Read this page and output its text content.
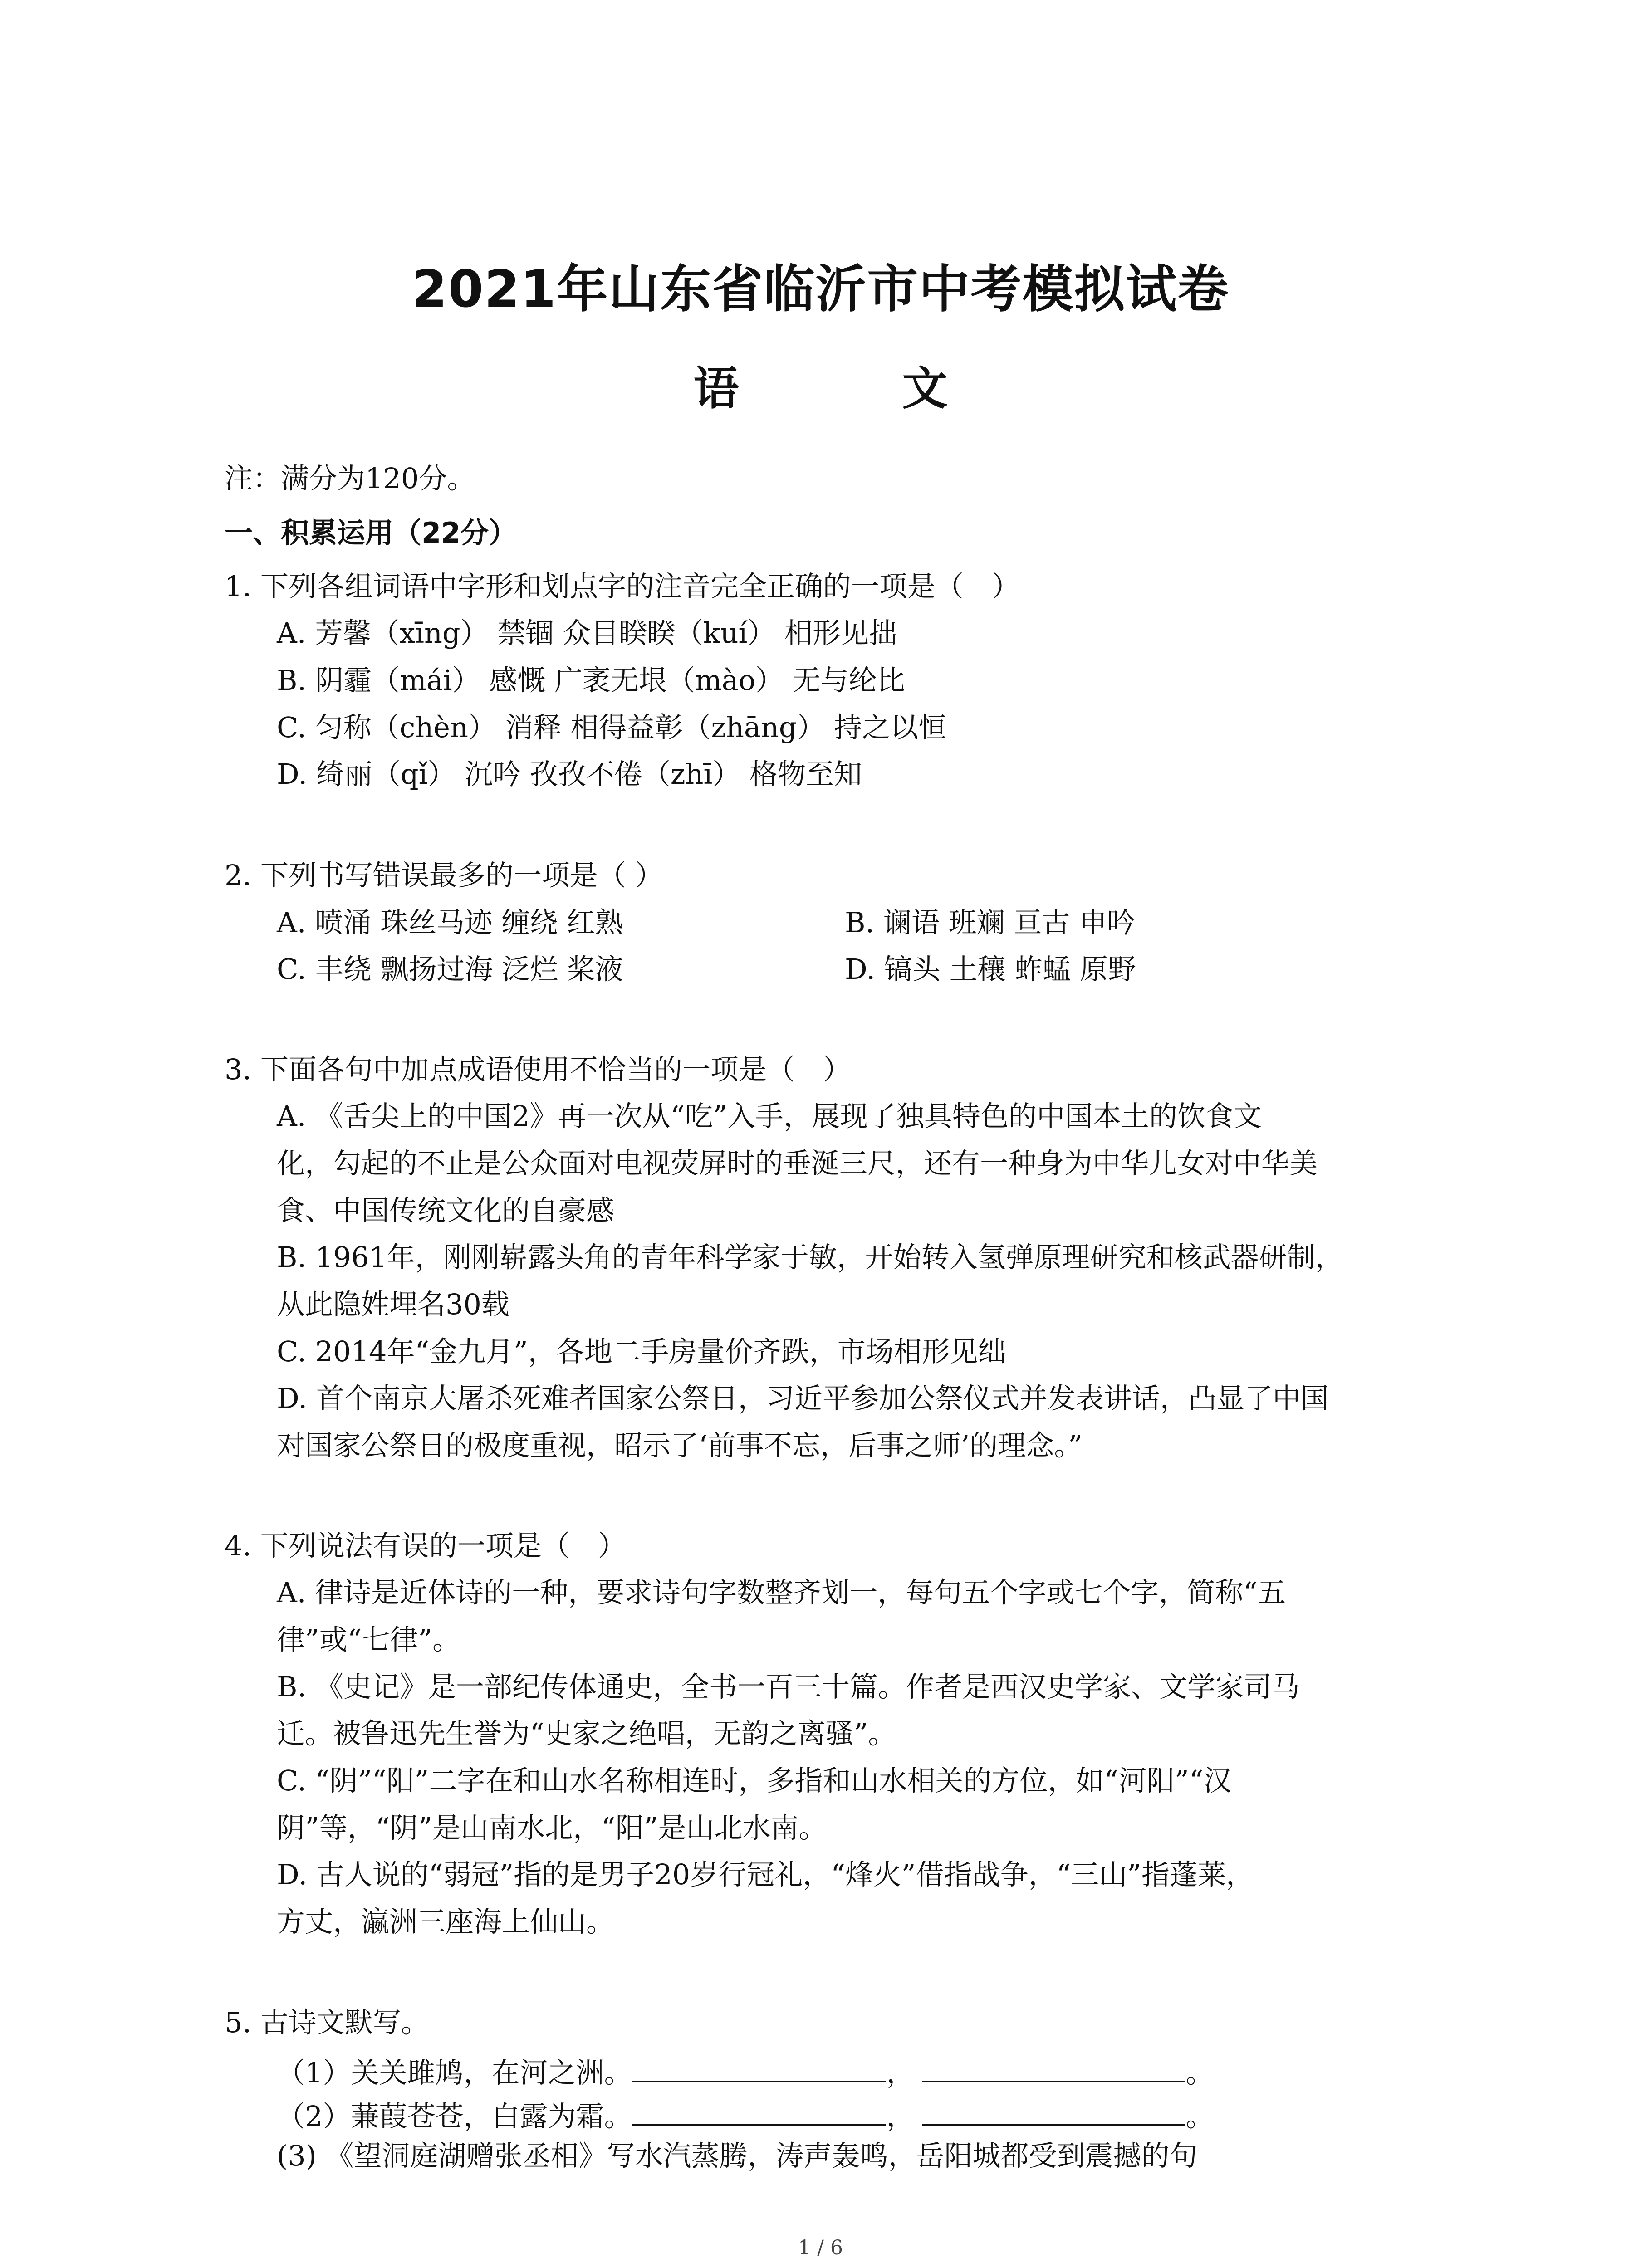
2021年山东省临沂市中考模拟试卷
语　文
注：满分为120分。
一、积累运用（22分）
1. 下列各组词语中字形和划点字的注音完全正确的一项是（　）
A. 芳馨（xīng） 禁锢 众目睽睽（kuí） 相形见拙
B. 阴霾（mái） 感慨 广袤无垠（mào） 无与纶比
C. 匀称（chèn） 消释 相得益彰（zhāng） 持之以恒
D. 绮丽（qǐ） 沉吟 孜孜不倦（zhī） 格物至知
2. 下列书写错误最多的一项是（ ）
A. 喷涌 珠丝马迹 缠绕 红熟	B. 谰语 班斓 亘古 申吟
C. 丰绕 飘扬过海 泛烂 桨液	D. 镐头 土穰 蚱蜢 原野
3. 下面各句中加点成语使用不恰当的一项是（　）
A. 《舌尖上的中国2》再一次从“吃”入手，展现了独具特色的中国本土的饮食文
化，勾起的不止是公众面对电视荧屏时的垂涎三尺，还有一种身为中华儿女对中华美
食、中国传统文化的自豪感
B. 1961年，刚刚崭露头角的青年科学家于敏，开始转入氢弹原理研究和核武器研制，
从此隐姓埋名30载
C. 2014年“金九月”，各地二手房量价齐跌，市场相形见绌
D. 首个南京大屠杀死难者国家公祭日，习近平参加公祭仪式并发表讲话，凸显了中国
对国家公祭日的极度重视，昭示了‘前事不忘，后事之师’的理念。”
4. 下列说法有误的一项是（　）
A. 律诗是近体诗的一种，要求诗句字数整齐划一，每句五个字或七个字，简称“五
律”或“七律”。
B. 《史记》是一部纪传体通史，全书一百三十篇。作者是西汉史学家、文学家司马
迁。被鲁迅先生誉为“史家之绝唱，无韵之离骚”。
C. “阴”“阳”二字在和山水名称相连时，多指和山水相关的方位，如“河阳”“汉
阴”等，“阴”是山南水北，“阳”是山北水南。
D. 古人说的“弱冠”指的是男子20岁行冠礼，“烽火”借指战争，“三山”指蓬莱，
方丈，瀛洲三座海上仙山。
5. 古诗文默写。
（1）关关雎鸠，在河之洲。	，	。
（2）蒹葭苍苍，白露为霜。	，	。
(3) 《望洞庭湖赠张丞相》写水汽蒸腾，涛声轰鸣，岳阳城都受到震撼的句
1 / 6
